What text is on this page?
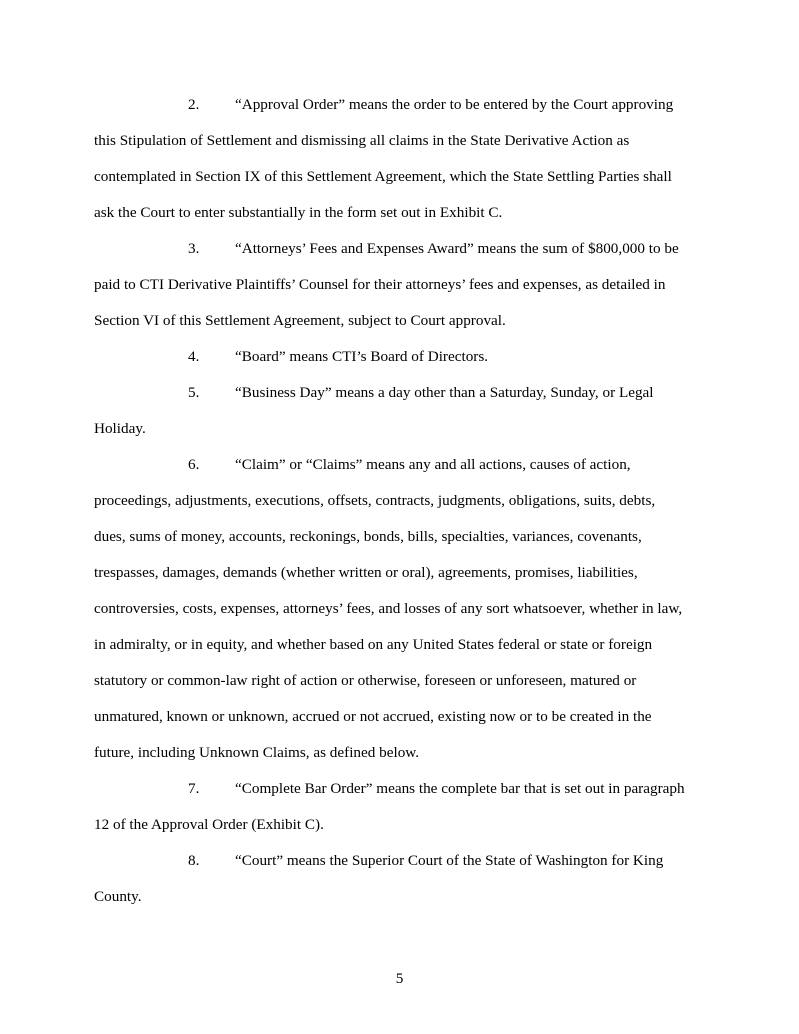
2. “Approval Order” means the order to be entered by the Court approving
this Stipulation of Settlement and dismissing all claims in the State Derivative Action as
contemplated in Section IX of this Settlement Agreement, which the State Settling Parties shall
ask the Court to enter substantially in the form set out in Exhibit C.
3. “Attorneys’ Fees and Expenses Award” means the sum of $800,000 to be
paid to CTI Derivative Plaintiffs’ Counsel for their attorneys’ fees and expenses, as detailed in
Section VI of this Settlement Agreement, subject to Court approval.
4. “Board” means CTI’s Board of Directors.
5. “Business Day” means a day other than a Saturday, Sunday, or Legal
Holiday.
6. “Claim” or “Claims” means any and all actions, causes of action,
proceedings, adjustments, executions, offsets, contracts, judgments, obligations, suits, debts,
dues, sums of money, accounts, reckonings, bonds, bills, specialties, variances, covenants,
trespasses, damages, demands (whether written or oral), agreements, promises, liabilities,
controversies, costs, expenses, attorneys’ fees, and losses of any sort whatsoever, whether in law,
in admiralty, or in equity, and whether based on any United States federal or state or foreign
statutory or common-law right of action or otherwise, foreseen or unforeseen, matured or
unmatured, known or unknown, accrued or not accrued, existing now or to be created in the
future, including Unknown Claims, as defined below.
7. “Complete Bar Order” means the complete bar that is set out in paragraph
12 of the Approval Order (Exhibit C).
8. “Court” means the Superior Court of the State of Washington for King
County.
5
